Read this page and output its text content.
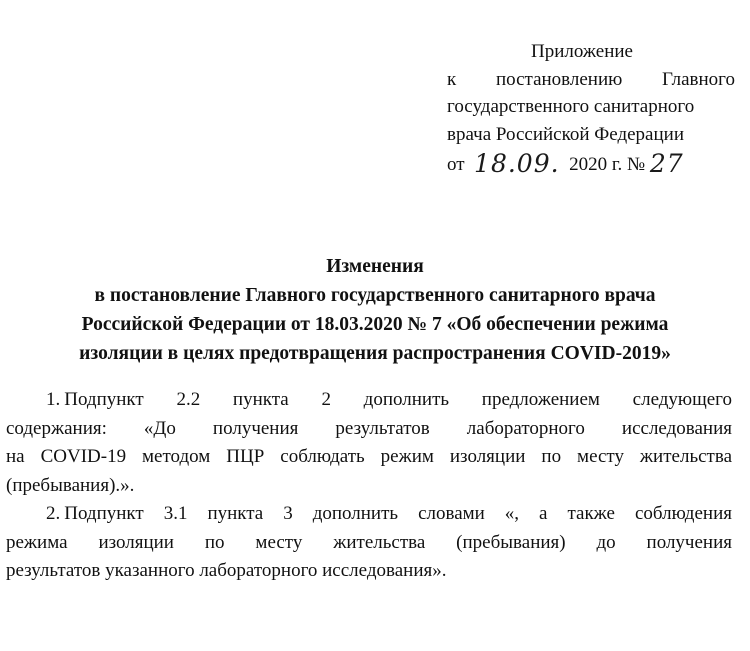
Приложение
к постановлению Главного
государственного санитарного
врача Российской Федерации
от 18.09. 2020 г. № 27
Изменения
в постановление Главного государственного санитарного врача
Российской Федерации от 18.03.2020 № 7 «Об обеспечении режима
изоляции в целях предотвращения распространения COVID-2019»
1. Подпункт 2.2 пункта 2 дополнить предложением следующего
содержания: «До получения результатов лабораторного исследования
на COVID-19 методом ПЦР соблюдать режим изоляции по месту жительства
(пребывания).».
2. Подпункт 3.1 пункта 3 дополнить словами «, а также соблюдения
режима изоляции по месту жительства (пребывания) до получения
результатов указанного лабораторного исследования».
